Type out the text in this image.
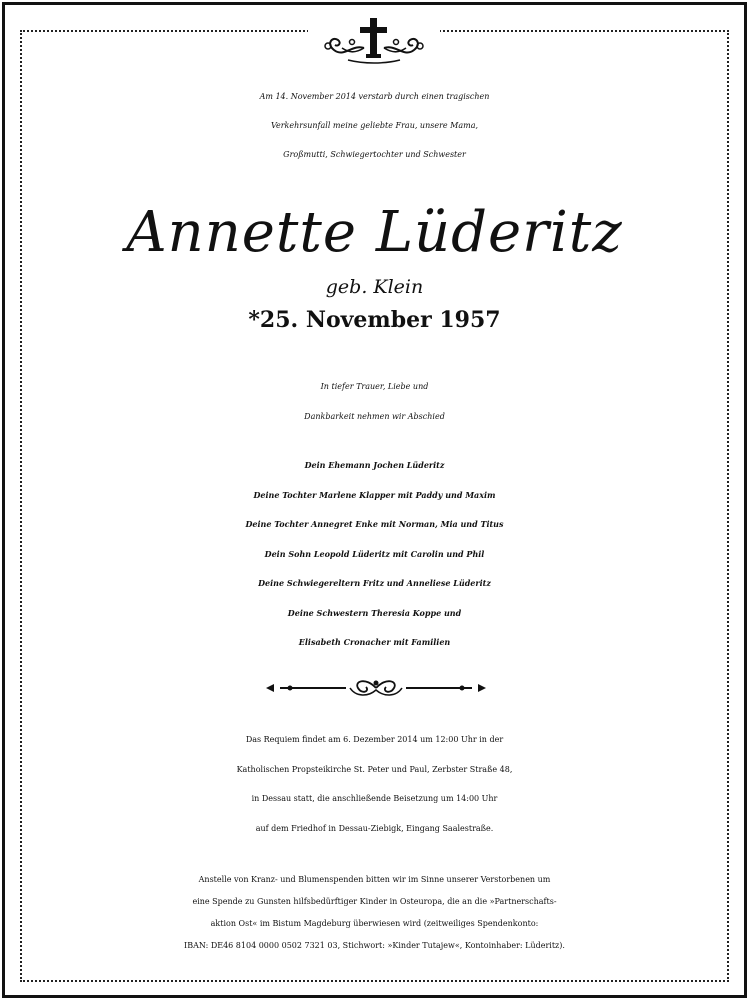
Am 14. November 2014 verstarb durch einen tragischen
Verkehrsunfall meine geliebte Frau, unsere Mama,
Großmutti, Schwiegertochter und Schwester
Annette Lüderitz
geb. Klein
*25. November 1957
In tiefer Trauer, Liebe und
Dankbarkeit nehmen wir Abschied
Dein Ehemann Jochen Lüderitz
Deine Tochter Marlene Klapper mit Paddy und Maxim
Deine Tochter Annegret Enke mit Norman, Mia und Titus
Dein Sohn Leopold Lüderitz mit Carolin und Phil
Deine Schwiegereltern Fritz und Anneliese Lüderitz
Deine Schwestern Theresia Koppe und
Elisabeth Cronacher mit Familien
Das Requiem findet am 6. Dezember 2014 um 12:00 Uhr in der
Katholischen Propsteikirche St. Peter und Paul, Zerbster Straße 48,
in Dessau statt, die anschließende Beisetzung um 14:00 Uhr
auf dem Friedhof in Dessau-Ziebigk, Eingang Saalestraße.
Anstelle von Kranz- und Blumenspenden bitten wir im Sinne unserer Verstorbenen um
eine Spende zu Gunsten hilfsbedürftiger Kinder in Osteuropa, die an die »Partnerschafts-
aktion Ost« im Bistum Magdeburg überwiesen wird (zeitweiliges Spendenkonto:
IBAN: DE46 8104 0000 0502 7321 03, Stichwort: »Kinder Tutajew«, Kontoinhaber: Lüderitz).
